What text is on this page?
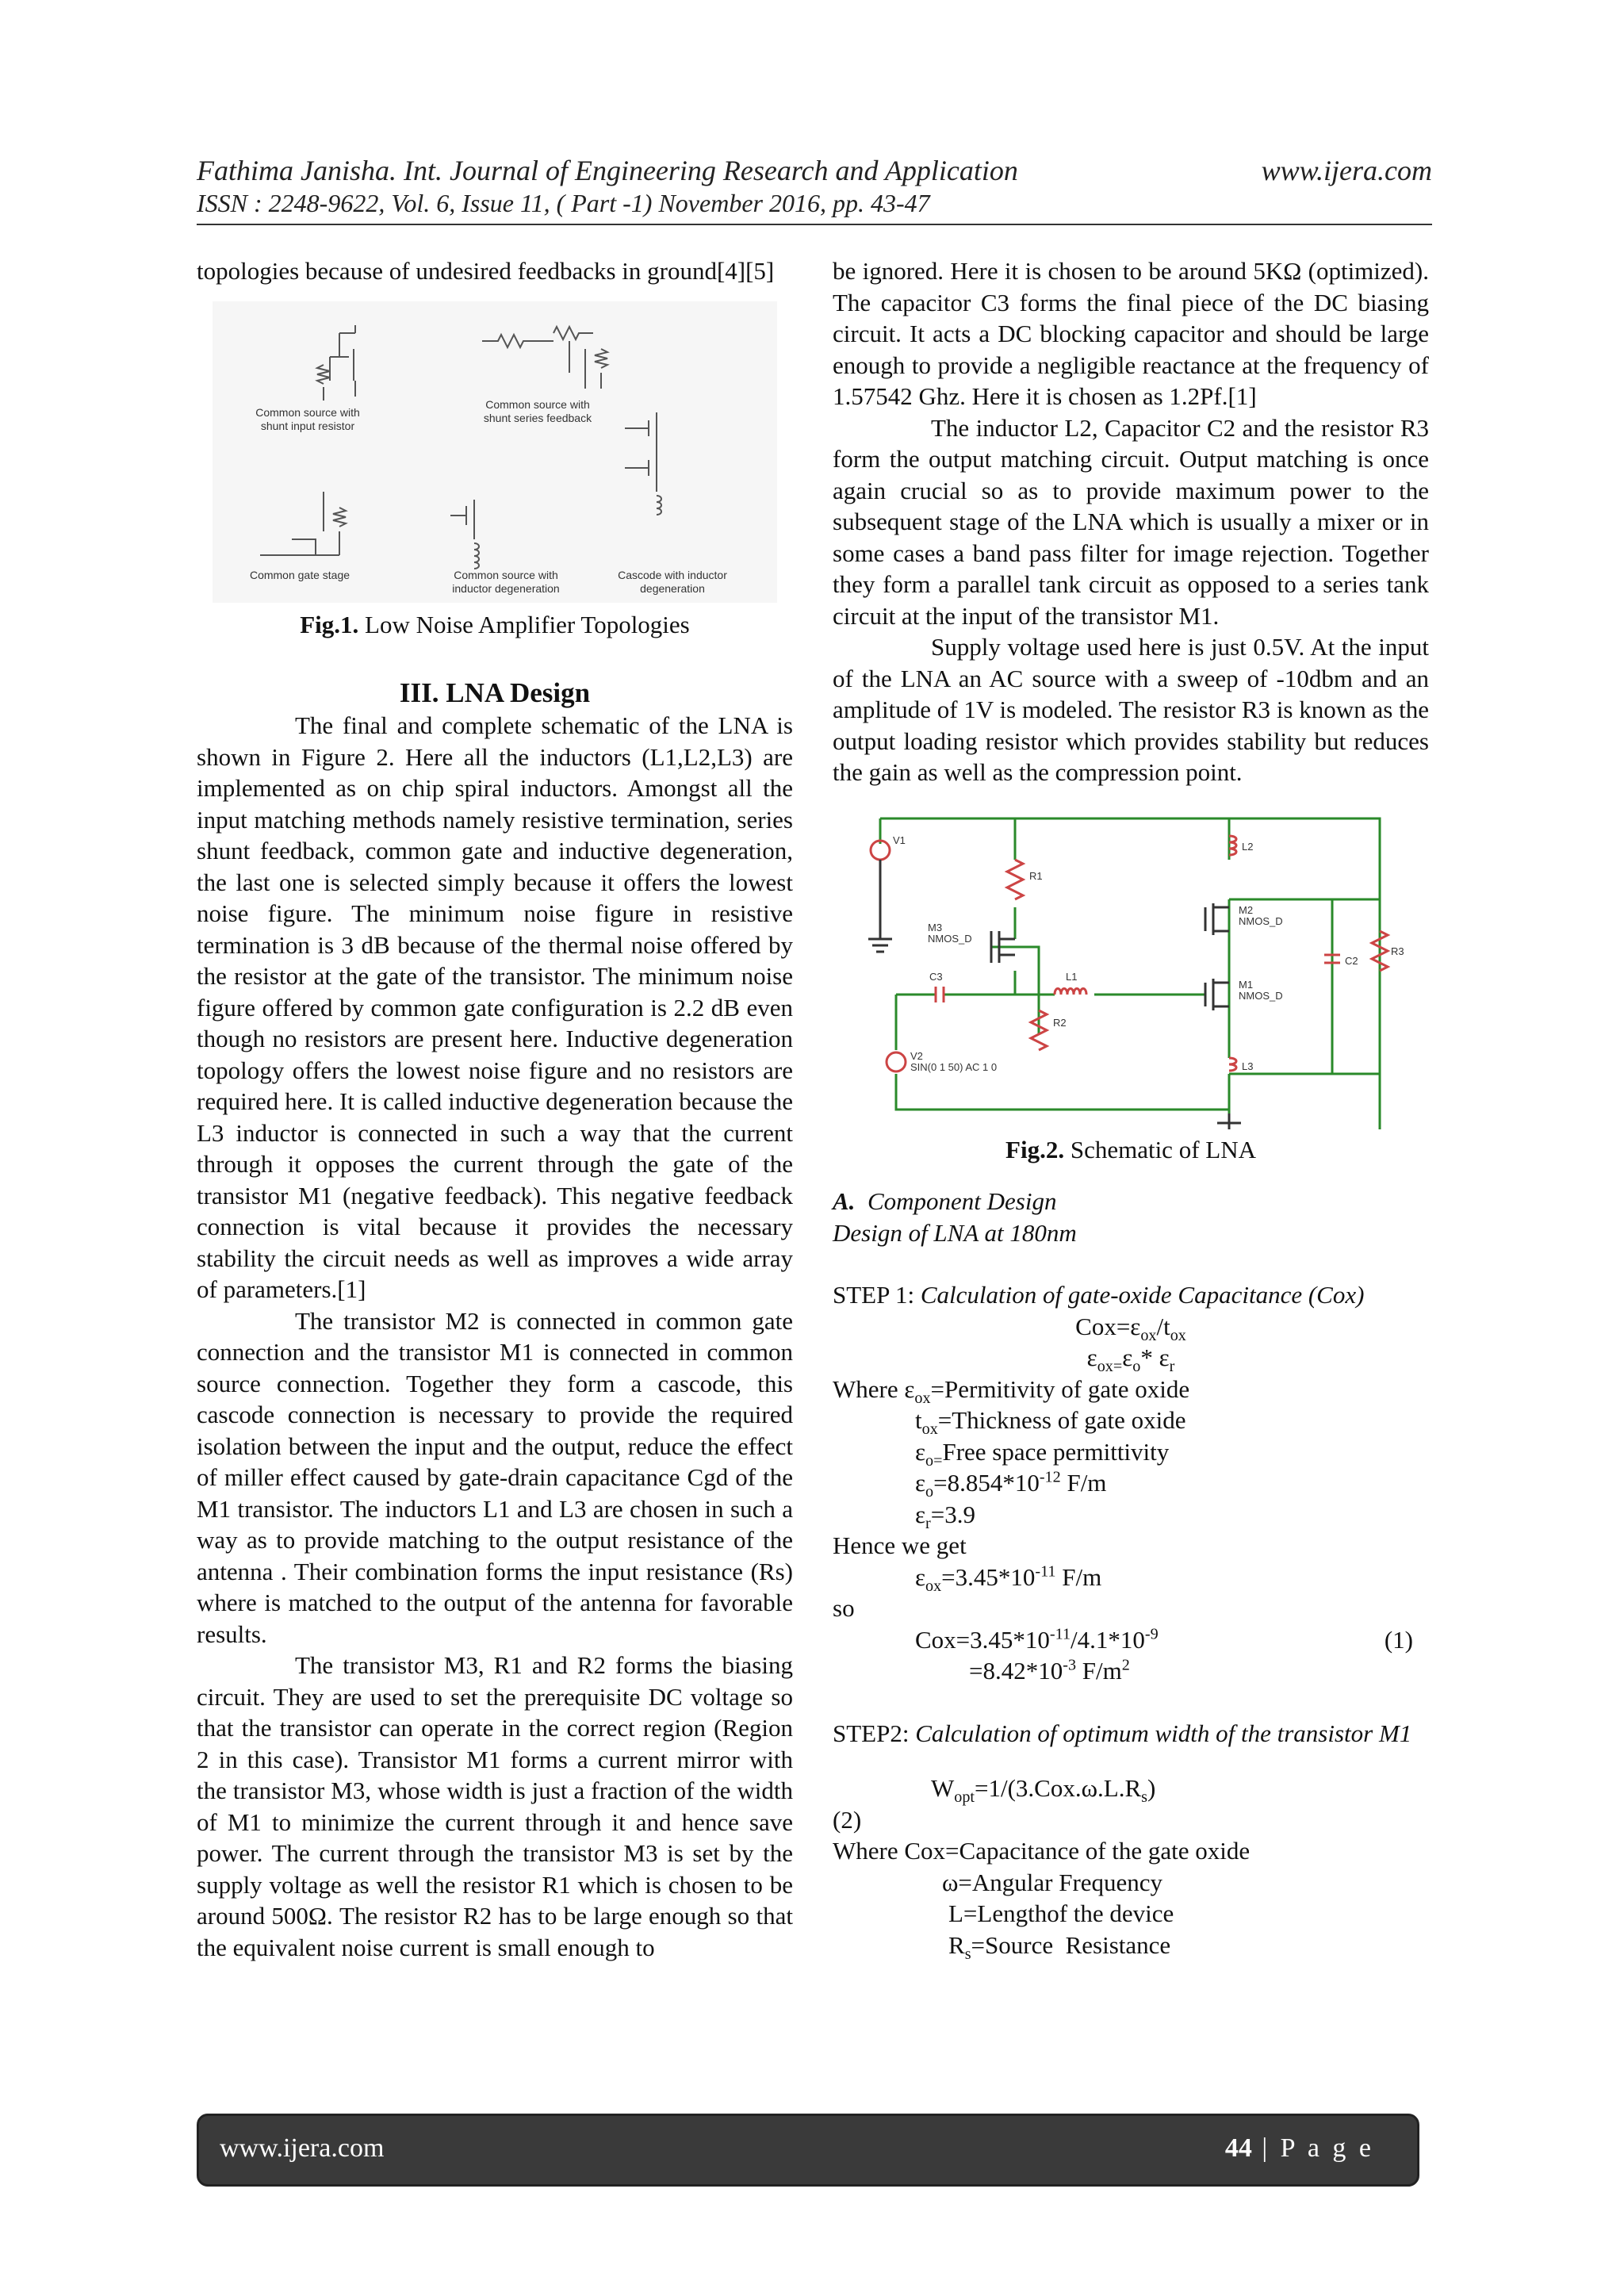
Fathima Janisha. Int. Journal of Engineering Research and Application	www.ijera.com
ISSN : 2248-9622, Vol. 6, Issue 11, ( Part -1) November 2016, pp. 43-47

topologies because of undesired feedbacks in ground[4][5]

Common source with
shunt input resistor
Common source with
shunt series feedback
Common gate stage	Common source with
inductor degeneration
Cascode with inductor
degeneration
Fig.1. Low Noise Amplifier Topologies
III. LNA Design

The final and complete schematic of the LNA is shown in Figure 2. Here all the inductors (L1,L2,L3) are implemented as on chip spiral inductors. Amongst all the input matching methods namely resistive termination, series shunt feedback, common gate and inductive degeneration, the last one is selected simply because it offers the lowest noise figure. The minimum noise figure in resistive termination is 3 dB because of the thermal noise offered by the resistor at the gate of the transistor. The minimum noise figure offered by common gate configuration is 2.2 dB even though no resistors are present here. Inductive degeneration topology offers the lowest noise figure and no resistors are required here. It is called inductive degeneration because the L3 inductor is connected in such a way that the current through it opposes the current through the gate of the transistor M1 (negative feedback). This negative feedback connection is vital because it provides the necessary stability the circuit needs as well as improves a wide array of parameters.[1]

The transistor M2 is connected in common gate connection and the transistor M1 is connected in common source connection. Together they form a cascode, this cascode connection is necessary to provide the required isolation between the input and the output, reduce the effect of miller effect caused by gate-drain capacitance Cgd of the M1 transistor. The inductors L1 and L3 are chosen in such a way as to provide matching to the output resistance of the antenna . Their combination forms the input resistance (Rs) where is matched to the output of the antenna for favorable results.

The transistor M3, R1 and R2 forms the biasing circuit. They are used to set the prerequisite DC voltage so that the transistor can operate in the correct region (Region 2 in this case). Transistor M1 forms a current mirror with the transistor M3, whose width is just a fraction of the width of M1 to minimize the current through it and hence save power. The current through the transistor M3 is set by the supply voltage as well the resistor R1 which is chosen to be around 500Ω. The resistor R2 has to be large enough so that the equivalent noise current is small enough to

be ignored. Here it is chosen to be around 5KΩ (optimized). The capacitor C3 forms the final piece of the DC biasing circuit. It acts a DC blocking capacitor and should be large enough to provide a negligible reactance at the frequency of 1.57542 Ghz. Here it is chosen as 1.2Pf.[1]

The inductor L2, Capacitor C2 and the resistor R3 form the output matching circuit. Output matching is once again crucial so as to provide maximum power to the subsequent stage of the LNA which is usually a mixer or in some cases a band pass filter for image rejection. Together they form a parallel tank circuit as opposed to a series tank circuit at the input of the transistor M1.

Supply voltage used here is just 0.5V. At the input of the LNA an AC source with a sweep of -10dbm and an amplitude of 1V is modeled. The resistor R3 is known as the output loading resistor which provides stability but reduces the gain as well as the compression point.

V1
R1
M3
NMOS_D
R2
C3	L1
V2
SIN(0 1 50) AC 1 0
L2
M2
NMOS_D
C2
R3
M1
NMOS_D
L3
Fig.2. Schematic of LNA

A. Component Design

Design of LNA at 180nm

STEP 1: Calculation of gate-oxide Capacitance (Cox)

$Cox=\varepsilon_{ox}/t_{ox}$

$\varepsilon_{ox=}\varepsilon_o*$ $\varepsilon_r$

Where $\varepsilon_{ox}=Permitivity$ of gate oxide

$t_{ox}=Thickness$ of gate oxide

$\varepsilon_{o=}Free$ space permittivity

$\varepsilon_o=8.854*10^{-12}$ F/m

$\varepsilon_r=3.9$

Hence we get

$\varepsilon_{ox}=3.45*10^{-11}$ F/m

so

$Cox=3.45*10^{-11}/4.1*10^{-9}$	(1)

$=8.42*10^{-3}$ $F/m^2$

STEP2: Calculation of optimum width of the transistor M1

$W_{opt}=1/(3.Cox.\omega.L.R_s)$

(2)

Where Cox=Capacitance of the gate oxide

ω=Angular Frequency

L=Lengthof the device

$R_s=Source$  Resistance

www.ijera.com	44 | P a g e
